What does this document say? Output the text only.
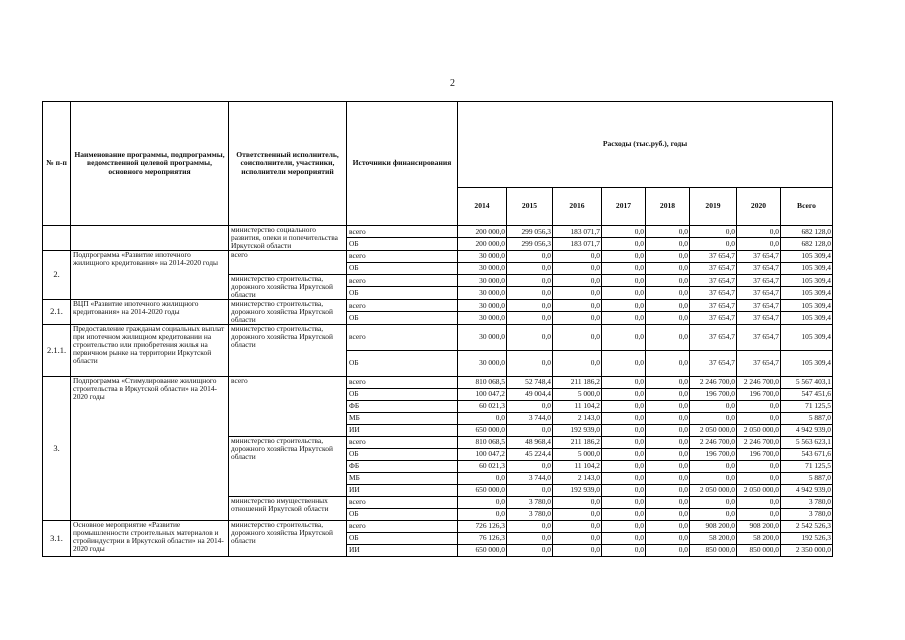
2
№ п-п	Наименование программы, подпрограммы, ведомственной целевой программы, основного мероприятия	Ответственный исполнитель, соисполнители, участники, исполнители мероприятий	Источники финансирования	Расходы (тыс.руб.), годы							
				2014	2015	2016	2017	2018	2019	2020	Всего
		министерство социального развития, опеки и попечительства Иркутской области	всего	200 000,0	299 056,3	183 071,7	0,0	0,0	0,0	0,0	682 128,0
			ОБ	200 000,0	299 056,3	183 071,7	0,0	0,0	0,0	0,0	682 128,0
2.	Подпрограмма «Развитие ипотечного жилищного кредитования» на 2014-2020 годы	всего	всего	30 000,0	0,0	0,0	0,0	0,0	37 654,7	37 654,7	105 309,4
			ОБ	30 000,0	0,0	0,0	0,0	0,0	37 654,7	37 654,7	105 309,4
		министерство строительства, дорожного хозяйства Иркутской области	всего	30 000,0	0,0	0,0	0,0	0,0	37 654,7	37 654,7	105 309,4
			ОБ	30 000,0	0,0	0,0	0,0	0,0	37 654,7	37 654,7	105 309,4
2.1.	ВЦП «Развитие ипотечного жилищного кредитования» на 2014-2020 годы	министерство строительства, дорожного хозяйства Иркутской области	всего	30 000,0	0,0	0,0	0,0	0,0	37 654,7	37 654,7	105 309,4
			ОБ	30 000,0	0,0	0,0	0,0	0,0	37 654,7	37 654,7	105 309,4
2.1.1.	Предоставление гражданам социальных выплат при ипотечном жилищном кредитовании на строительство или приобретения жилья на первичном рынке на территории Иркутской области	министерство строительства, дорожного хозяйства Иркутской области	всего	30 000,0	0,0	0,0	0,0	0,0	37 654,7	37 654,7	105 309,4
			ОБ	30 000,0	0,0	0,0	0,0	0,0	37 654,7	37 654,7	105 309,4
3.	Подпрограмма «Стимулирование жилищного строительства в Иркутской области» на 2014-2020 годы	всего	всего	810 068,5	52 748,4	211 186,2	0,0	0,0	2 246 700,0	2 246 700,0	5 567 403,1
			ОБ	100 047,2	49 004,4	5 000,0	0,0	0,0	196 700,0	196 700,0	547 451,6
			ФБ	60 021,3	0,0	11 104,2	0,0	0,0	0,0	0,0	71 125,5
			МБ	0,0	3 744,0	2 143,0	0,0	0,0	0,0	0,0	5 887,0
			ИИ	650 000,0	0,0	192 939,0	0,0	0,0	2 050 000,0	2 050 000,0	4 942 939,0
		министерство строительства, дорожного хозяйства Иркутской области	всего	810 068,5	48 968,4	211 186,2	0,0	0,0	2 246 700,0	2 246 700,0	5 563 623,1
			ОБ	100 047,2	45 224,4	5 000,0	0,0	0,0	196 700,0	196 700,0	543 671,6
			ФБ	60 021,3	0,0	11 104,2	0,0	0,0	0,0	0,0	71 125,5
			МБ	0,0	3 744,0	2 143,0	0,0	0,0	0,0	0,0	5 887,0
			ИИ	650 000,0	0,0	192 939,0	0,0	0,0	2 050 000,0	2 050 000,0	4 942 939,0
		министерство имущественных отношений Иркутской области	всего	0,0	3 780,0	0,0	0,0	0,0	0,0	0,0	3 780,0
			ОБ	0,0	3 780,0	0,0	0,0	0,0	0,0	0,0	3 780,0
3.1.	Основное мероприятие «Развитие промышленности строительных материалов и стройиндустрии в Иркутской области» на 2014-2020 годы	министерство строительства, дорожного хозяйства Иркутской области	всего	726 126,3	0,0	0,0	0,0	0,0	908 200,0	908 200,0	2 542 526,3
			ОБ	76 126,3	0,0	0,0	0,0	0,0	58 200,0	58 200,0	192 526,3
			ИИ	650 000,0	0,0	0,0	0,0	0,0	850 000,0	850 000,0	2 350 000,0
